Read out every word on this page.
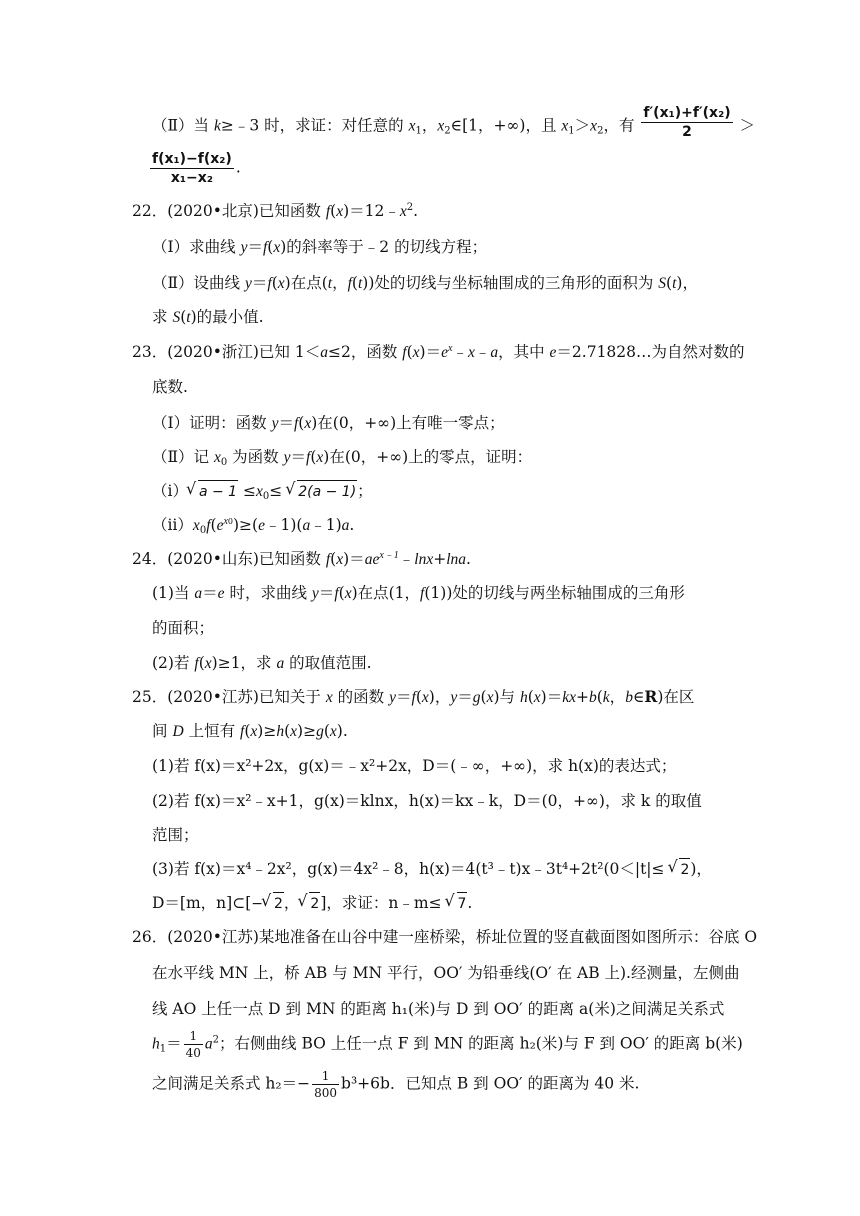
（Ⅱ）当 k≥﹣3 时，求证：对任意的 $x_1$，$x_2\in[1$，+∞)，且 $x_1>x_2$，有 $\frac{\text{f′(x₁)+f′(x₂)}}{2}$ ＞
$\frac{\text{f(x₁)−f(x₂)}}{\text{x₁−x₂}}$ .
22．(2020•北京)已知函数 $f(x)=12﹣x^2$.
（Ⅰ）求曲线 y＝f(x)的斜率等于﹣2 的切线方程；
（Ⅱ）设曲线 y＝f(x)在点(t，f(t))处的切线与坐标轴围成的三角形的面积为 S(t)，
求 S(t)的最小值.
23．(2020•浙江)已知 1＜a≤2，函数 $f(x)=e^x﹣x﹣a$，其中 e＝2.71828…为自然对数的
底数.
（Ⅰ）证明：函数 y＝f(x)在(0，+∞)上有唯一零点；
（Ⅱ）记 $x_0$ 为函数 y＝f(x)在(0，+∞)上的零点，证明：
（ⅰ） √ $a - 1 \le x_0\le$ √ 2(a − 1)；
$(ⅱ)x_0f(e^{x0})\ge(e﹣1)(a﹣1)a$.
24．(2020•山东)已知函数 $f(x)=ae^{x﹣1}﹣\ln x+\ln a$.
(1)当 a＝e 时，求曲线 y＝f(x)在点(1，f(1))处的切线与两坐标轴围成的三角形
的面积；
(2)若 f(x)≥1，求 a 的取值范围.
25．(2020•江苏)已知关于 x 的函数 y＝f(x)，y＝g(x)与 h(x)＝kx+b(k，b∈R)在区
间 D 上恒有 f(x)≥h(x)≥g(x).
(1)若 f(x)＝x²+2x，g(x)＝﹣x²+2x，D＝(﹣∞，+∞)，求 h(x)的表达式；
(2)若 f(x)＝x²﹣x+1，g(x)＝klnx，h(x)＝kx﹣k，D＝(0，+∞)，求 k 的取值
范围；
(3)若 f(x)＝x⁴﹣2x²，g(x)＝4x²﹣8，h(x)＝4(t³﹣t)x﹣3t⁴+2t²(0＜|t|≤ √ 2)，
D＝[m，n]⊂[− √ 2， √ 2]，求证：n﹣m≤ √ 7.
26．(2020•江苏)某地准备在山谷中建一座桥梁，桥址位置的竖直截面图如图所示：谷底 O
在水平线 MN 上，桥 AB 与 MN 平行，OO′ 为铅垂线(O′ 在 AB 上).经测量，左侧曲
线 AO 上任一点 D 到 MN 的距离 h₁(米)与 D 到 OO′ 的距离 a(米)之间满足关系式
$h_1= \frac{1}{40} a^2$；右侧曲线 BO 上任一点 F 到 MN 的距离 h₂(米)与 F 到 OO′ 的距离 b(米)
之间满足关系式 $h_2=- \frac{1}{800} b^3+6b$．已知点 B 到 OO′ 的距离为 40 米.
